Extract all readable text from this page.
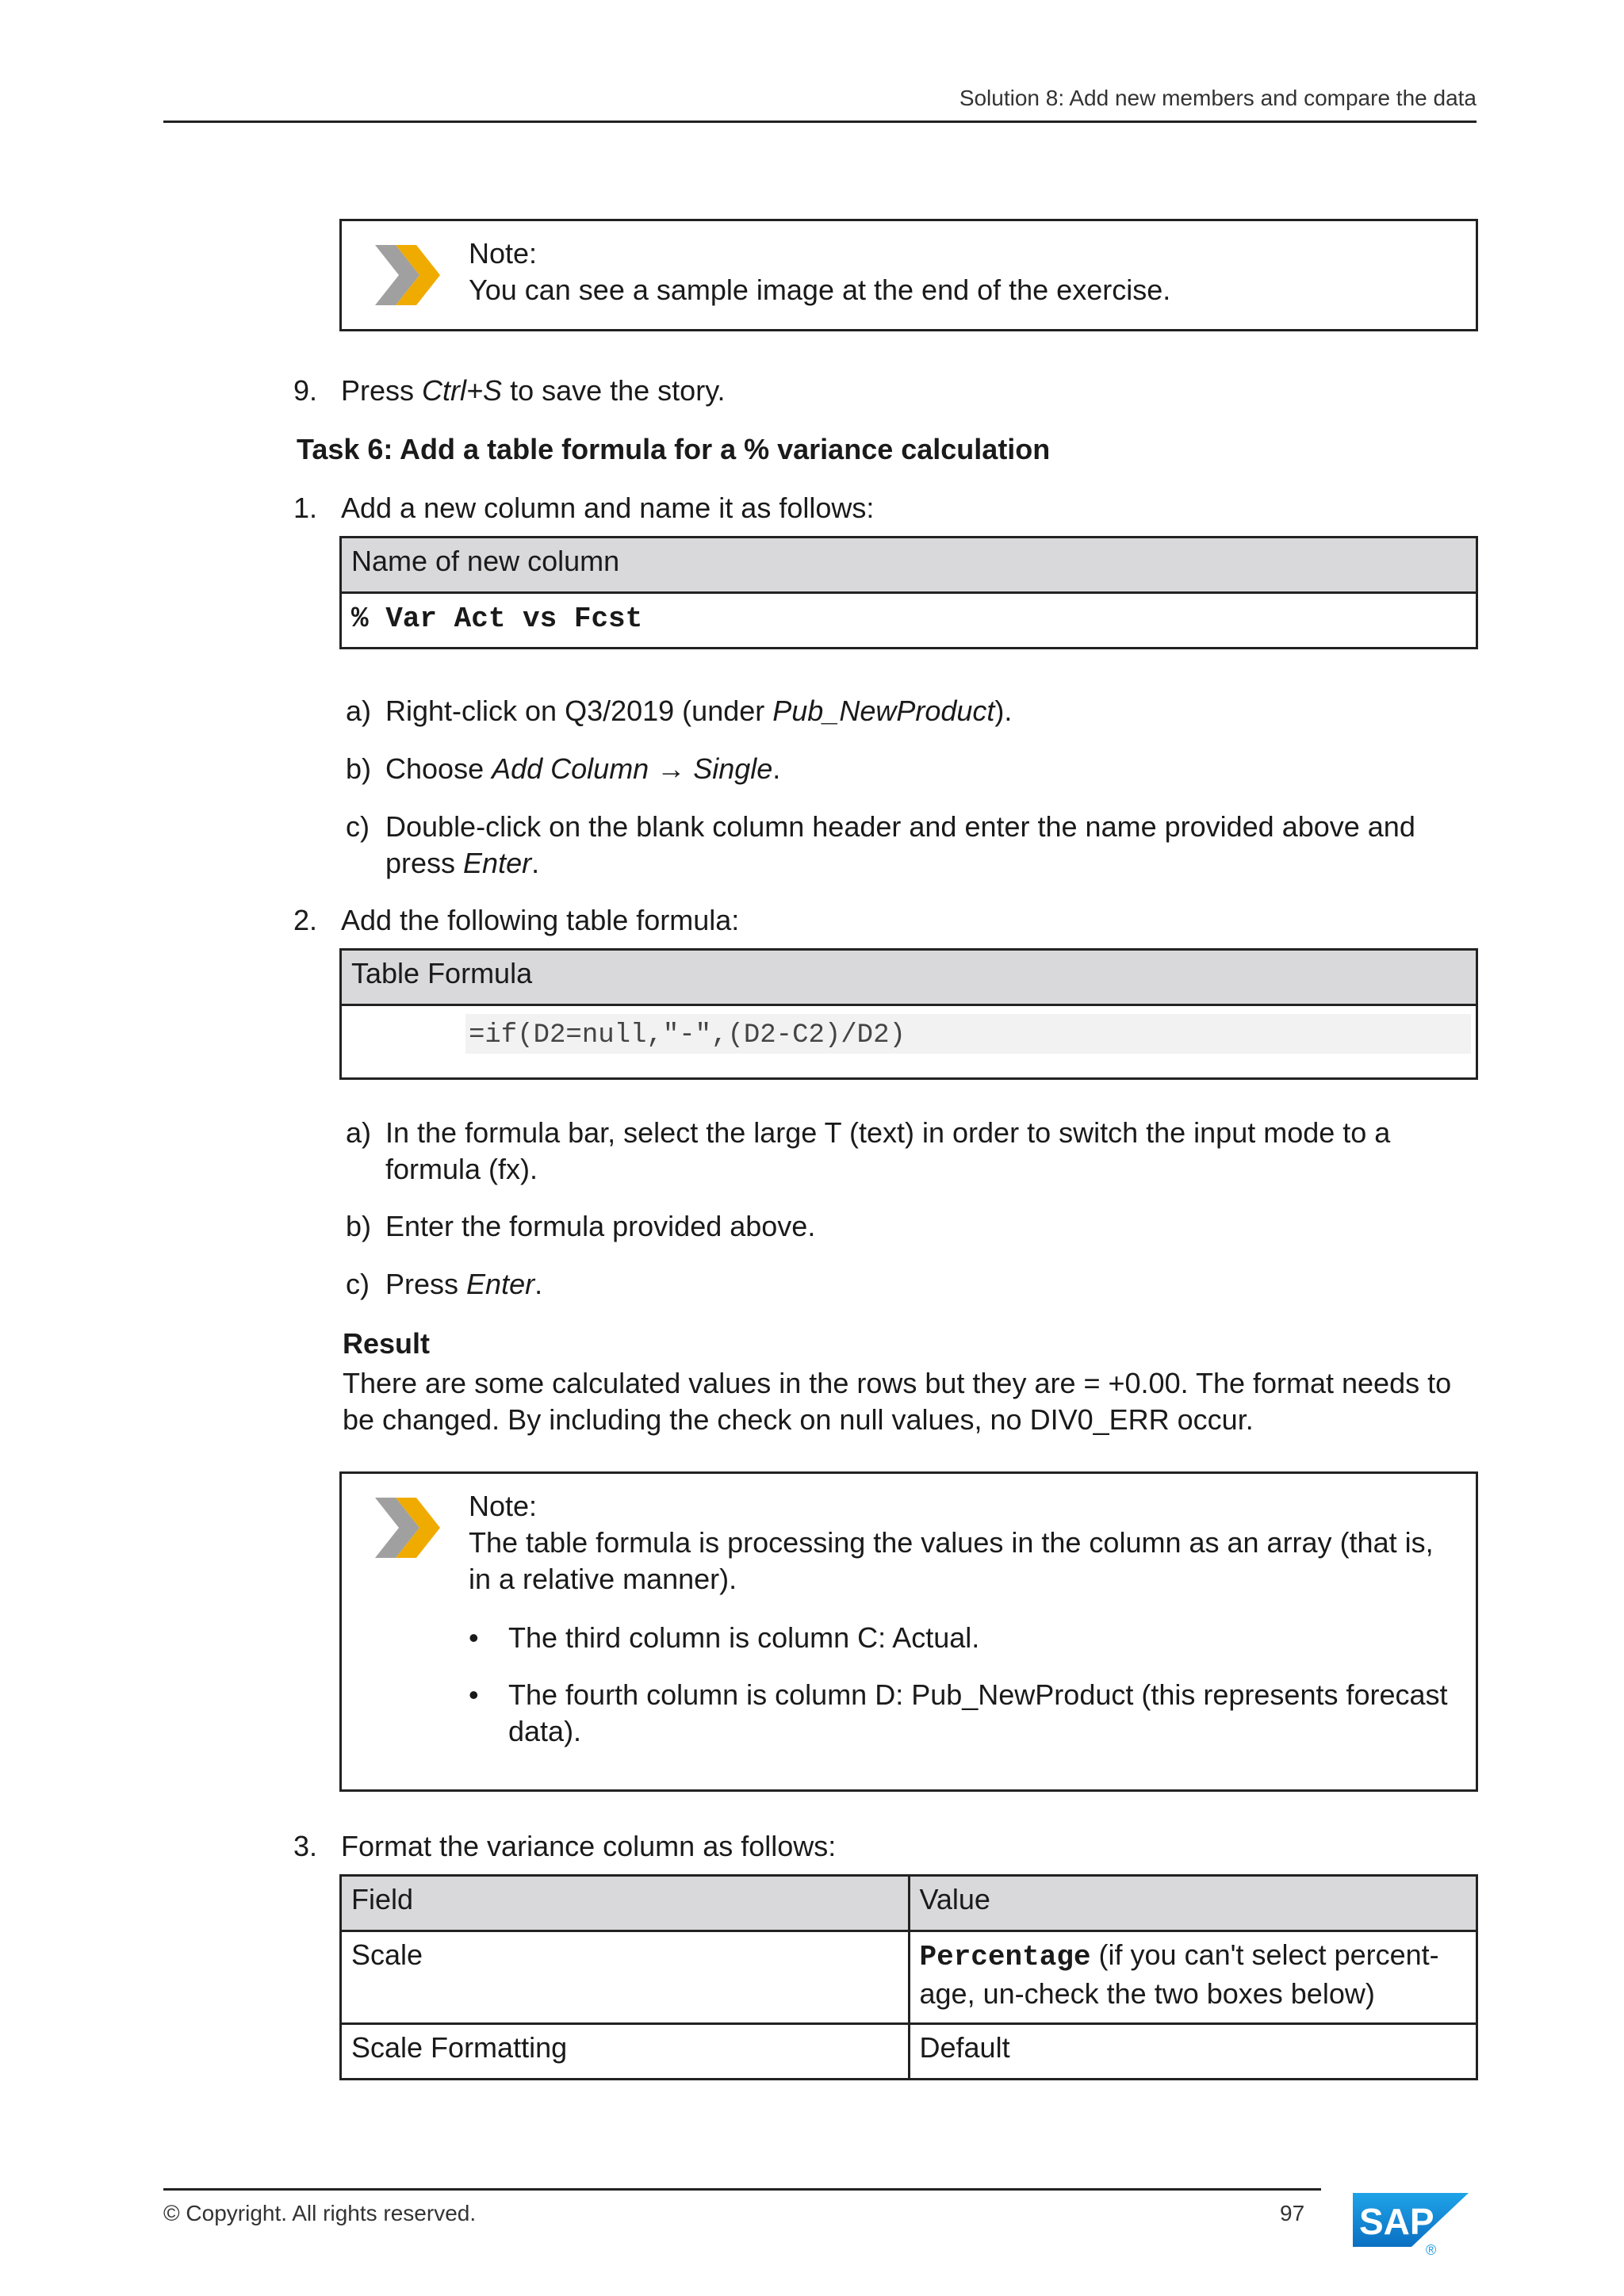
Solution 8: Add new members and compare the data
Note:
You can see a sample image at the end of the exercise.
9. Press Ctrl+S to save the story.
Task 6: Add a table formula for a % variance calculation
1. Add a new column and name it as follows:
Name of new column
% Var Act vs Fcst
a) Right-click on Q3/2019 (under Pub_NewProduct).
b) Choose Add Column → Single.
c) Double-click on the blank column header and enter the name provided above and press Enter.
2. Add the following table formula:
Table Formula

=if(D2=null,"-",(D2-C2)/D2)
a) In the formula bar, select the large T (text) in order to switch the input mode to a formula (fx).
b) Enter the formula provided above.
c) Press Enter.
Result
There are some calculated values in the rows but they are = +0.00. The format needs to be changed. By including the check on null values, no DIV0_ERR occur.
Note:
The table formula is processing the values in the column as an array (that is, in a relative manner).
• The third column is column C: Actual.
• The fourth column is column D: Pub_NewProduct (this represents forecast data).
3. Format the variance column as follows:
Field	Value
Scale	Percentage (if you can't select percent-age, un-check the two boxes below)
Scale Formatting	Default
© Copyright. All rights reserved.	97 SAP
®
